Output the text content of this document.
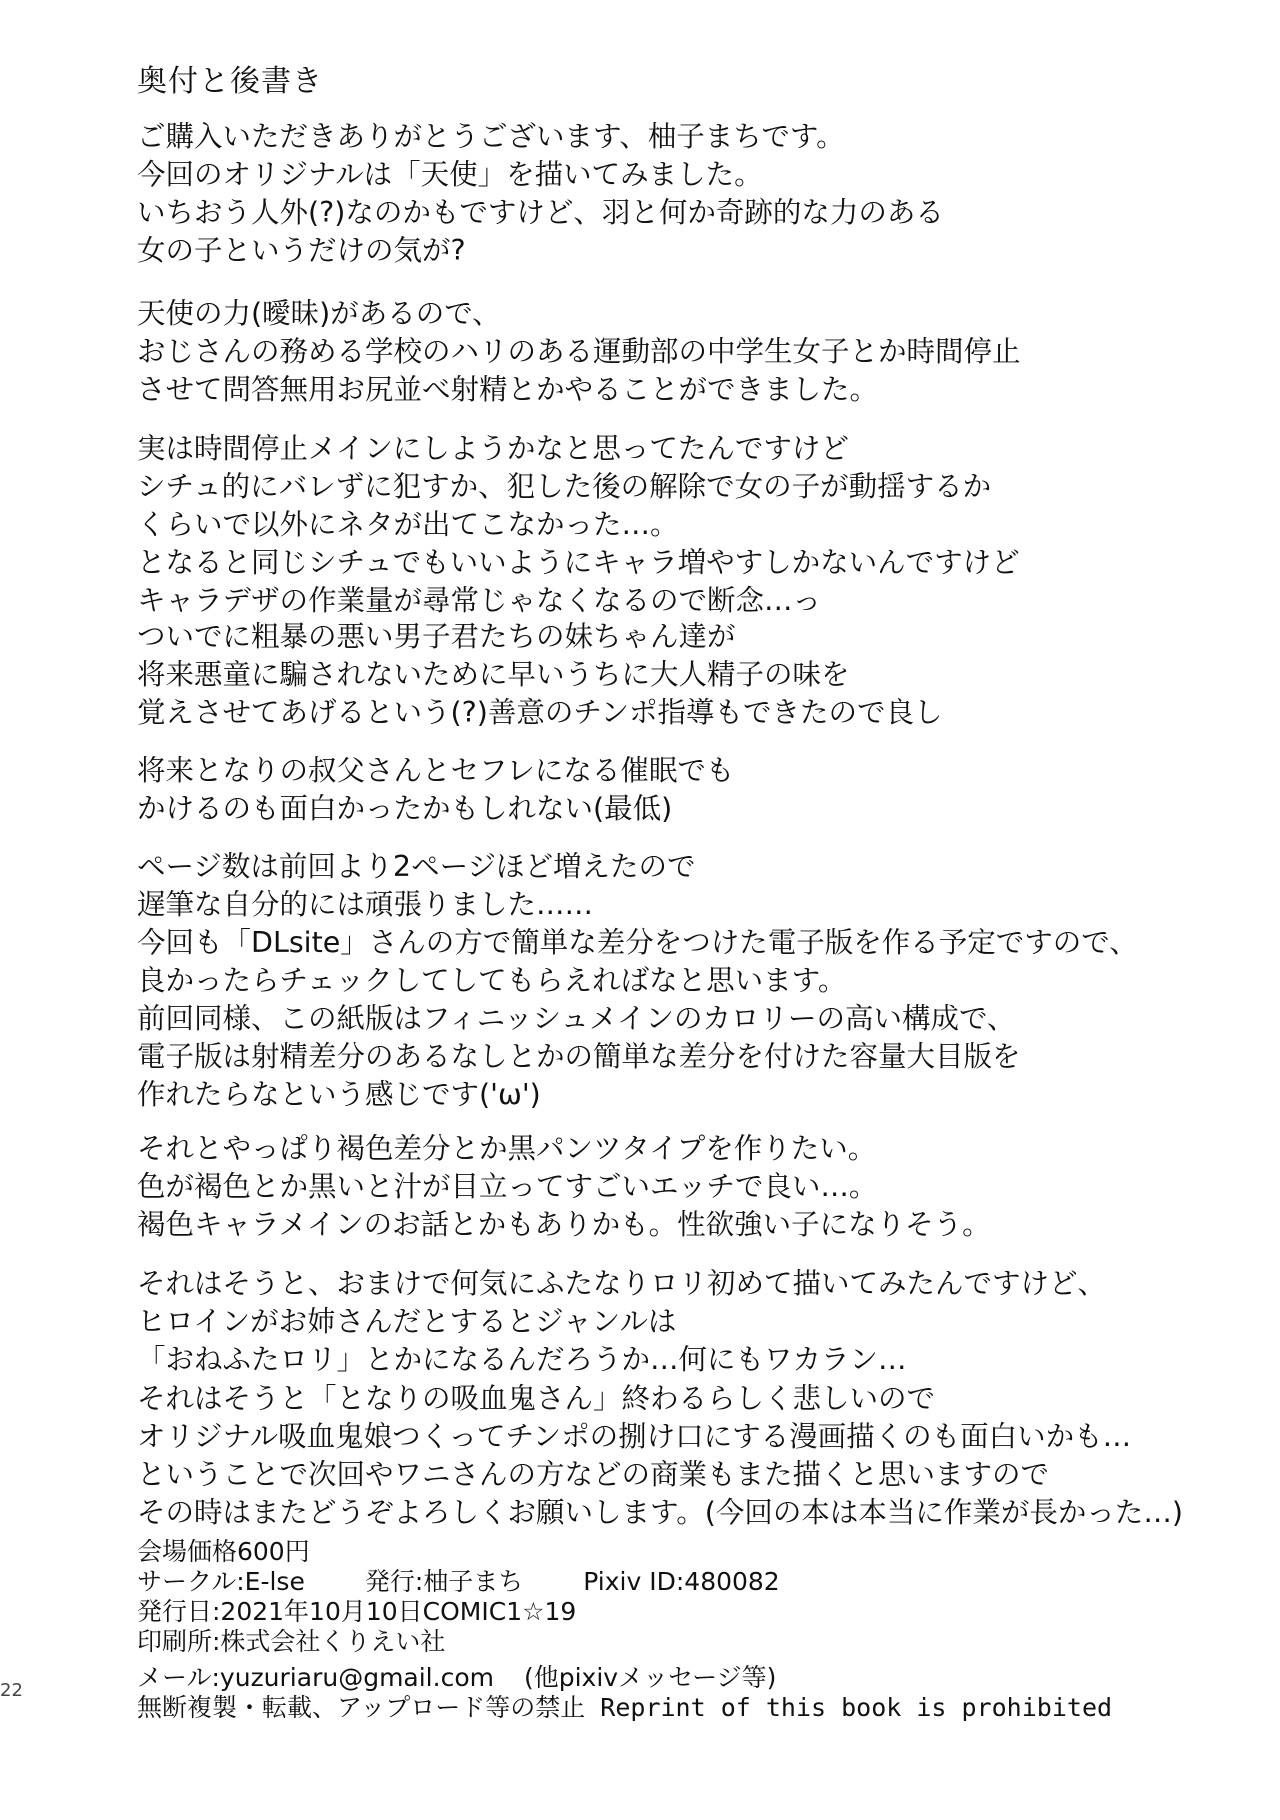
奥付と後書き
ご購入いただきありがとうございます、柚子まちです。
今回のオリジナルは「天使」を描いてみました。
いちおう人外(?)なのかもですけど、羽と何か奇跡的な力のある
女の子というだけの気が?
天使の力(曖昧)があるので、
おじさんの務める学校のハリのある運動部の中学生女子とか時間停止
させて問答無用お尻並べ射精とかやることができました。
実は時間停止メインにしようかなと思ってたんですけど
シチュ的にバレずに犯すか、犯した後の解除で女の子が動揺するか
くらいで以外にネタが出てこなかった…。
となると同じシチュでもいいようにキャラ増やすしかないんですけど
キャラデザの作業量が尋常じゃなくなるので断念…っ
ついでに粗暴の悪い男子君たちの妹ちゃん達が
将来悪童に騙されないために早いうちに大人精子の味を
覚えさせてあげるという(?)善意のチンポ指導もできたので良し
将来となりの叔父さんとセフレになる催眠でも
かけるのも面白かったかもしれない(最低)
ページ数は前回より2ページほど増えたので
遅筆な自分的には頑張りました……
今回も「DLsite」さんの方で簡単な差分をつけた電子版を作る予定ですので、
良かったらチェックしてしてもらえればなと思います。
前回同様、この紙版はフィニッシュメインのカロリーの高い構成で、
電子版は射精差分のあるなしとかの簡単な差分を付けた容量大目版を
作れたらなという感じです('ω')
それとやっぱり褐色差分とか黒パンツタイプを作りたい。
色が褐色とか黒いと汁が目立ってすごいエッチで良い…。
褐色キャラメインのお話とかもありかも。性欲強い子になりそう。
それはそうと、おまけで何気にふたなりロリ初めて描いてみたんですけど、
ヒロインがお姉さんだとするとジャンルは
「おねふたロリ」とかになるんだろうか…何にもワカラン…
それはそうと「となりの吸血鬼さん」終わるらしく悲しいので
オリジナル吸血鬼娘つくってチンポの捌け口にする漫画描くのも面白いかも…
ということで次回やワニさんの方などの商業もまた描くと思いますので
その時はまたどうぞよろしくお願いします。(今回の本は本当に作業が長かった…)
会場価格600円
サークル:E-lse 発行:柚子まち Pixiv ID:480082
発行日:2021年10月10日COMIC1☆19
印刷所:株式会社くりえい社
メール:yuzuriaru@gmail.com (他pixivメッセージ等)
無断複製・転載、アップロード等の禁止 Reprint of this book is prohibited
22
